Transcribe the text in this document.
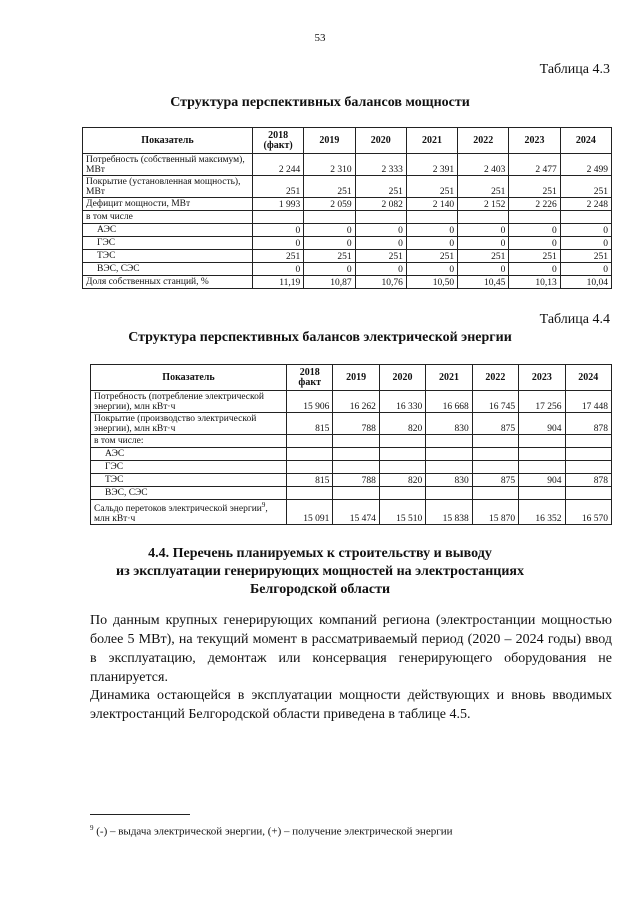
53
Таблица 4.3
Структура перспективных балансов мощности
Показатель	2018 (факт)	2019	2020	2021	2022	2023	2024
Потребность (собственный максимум), МВт	2 244	2 310	2 333	2 391	2 403	2 477	2 499
Покрытие (установленная мощность), МВт	251	251	251	251	251	251	251
Дефицит мощности, МВт	1 993	2 059	2 082	2 140	2 152	2 226	2 248
в том числе							
АЭС	0	0	0	0	0	0	0
ГЭС	0	0	0	0	0	0	0
ТЭС	251	251	251	251	251	251	251
ВЭС, СЭС	0	0	0	0	0	0	0
Доля собственных станций, %	11,19	10,87	10,76	10,50	10,45	10,13	10,04
Таблица 4.4
Структура перспективных балансов электрической энергии
Показатель	2018 факт	2019	2020	2021	2022	2023	2024
Потребность (потребление электрической энергии), млн кВт·ч	15 906	16 262	16 330	16 668	16 745	17 256	17 448
Покрытие (производство электрической энергии), млн кВт·ч	815	788	820	830	875	904	878
в том числе:							
АЭС							
ГЭС							
ТЭС	815	788	820	830	875	904	878
ВЭС, СЭС							
Сальдо перетоков электрической энергии$^9$, млн кВт·ч	15 091	15 474	15 510	15 838	15 870	16 352	16 570
4.4. Перечень планируемых к строительству и выводу
из эксплуатации генерирующих мощностей на электростанциях
Белгородской области
По данным крупных генерирующих компаний региона (электростанции мощностью более 5 МВт), на текущий момент в рассматриваемый период (2020 – 2024 годы) ввод в эксплуатацию, демонтаж или консервация генерирующего оборудования не планируется.
Динамика остающейся в эксплуатации мощности действующих и вновь вводимых электростанций Белгородской области приведена в таблице 4.5.
$^9$ (-) – выдача электрической энергии, (+) – получение электрической энергии
